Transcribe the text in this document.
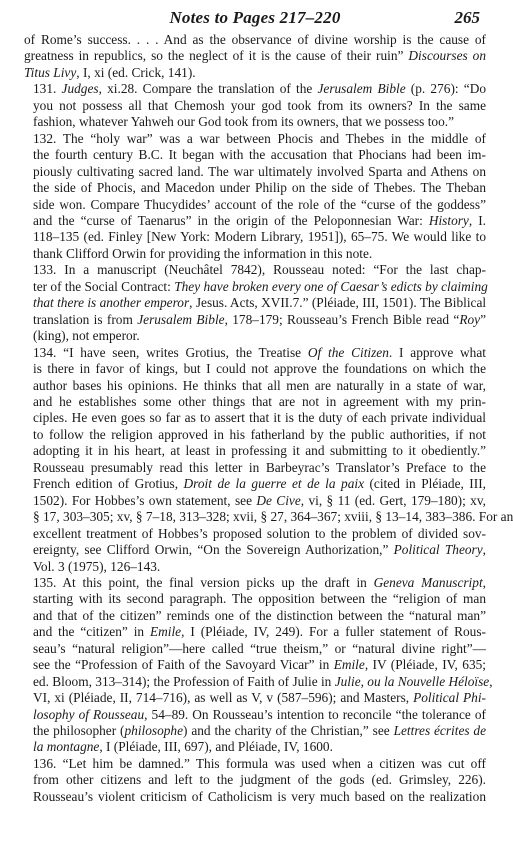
Notes to Pages 217–220	265

of Rome’s success. . . . And as the observance of divine worship is the cause of
greatness in republics, so the neglect of it is the cause of their ruin” Discourses on
Titus Livy, I, xi (ed. Crick, 141).

131. Judges, xi.28. Compare the translation of the Jerusalem Bible (p. 276): “Do
you not possess all that Chemosh your god took from its owners? In the same
fashion, whatever Yahweh our God took from its owners, that we possess too.”

132. The “holy war” was a war between Phocis and Thebes in the middle of
the fourth century B.C. It began with the accusation that Phocians had been im-
piously cultivating sacred land. The war ultimately involved Sparta and Athens on
the side of Phocis, and Macedon under Philip on the side of Thebes. The Theban
side won. Compare Thucydides’ account of the role of the “curse of the goddess”
and the “curse of Taenarus” in the origin of the Peloponnesian War: History, I.
118–135 (ed. Finley [New York: Modern Library, 1951]), 65–75. We would like to
thank Clifford Orwin for providing the information in this note.

133. In a manuscript (Neuchâtel 7842), Rousseau noted: “For the last chap-
ter of the Social Contract: They have broken every one of Caesar’s edicts by claiming
that there is another emperor, Jesus. Acts, XVII.7.” (Pléiade, III, 1501). The Biblical
translation is from Jerusalem Bible, 178–179; Rousseau’s French Bible read “Roy”
(king), not emperor.

134. “I have seen, writes Grotius, the Treatise Of the Citizen. I approve what
is there in favor of kings, but I could not approve the foundations on which the
author bases his opinions. He thinks that all men are naturally in a state of war,
and he establishes some other things that are not in agreement with my prin-
ciples. He even goes so far as to assert that it is the duty of each private individual
to follow the religion approved in his fatherland by the public authorities, if not
adopting it in his heart, at least in professing it and submitting to it obediently.”
Rousseau presumably read this letter in Barbeyrac’s Translator’s Preface to the
French edition of Grotius, Droit de la guerre et de la paix (cited in Pléiade, III,
1502). For Hobbes’s own statement, see De Cive, vi, § 11 (ed. Gert, 179–180); xv,
§ 17, 303–305; xv, § 7–18, 313–328; xvii, § 27, 364–367; xviii, § 13–14, 383–386. For an
excellent treatment of Hobbes’s proposed solution to the problem of divided sov-
ereignty, see Clifford Orwin, “On the Sovereign Authorization,” Political Theory,
Vol. 3 (1975), 126–143.

135. At this point, the final version picks up the draft in Geneva Manuscript,
starting with its second paragraph. The opposition between the “religion of man
and that of the citizen” reminds one of the distinction between the “natural man”
and the “citizen” in Emile, I (Pléiade, IV, 249). For a fuller statement of Rous-
seau’s “natural religion”—here called “true theism,” or “natural divine right”—
see the “Profession of Faith of the Savoyard Vicar” in Emile, IV (Pléiade, IV, 635;
ed. Bloom, 313–314); the Profession of Faith of Julie in Julie, ou la Nouvelle Héloïse,
VI, xi (Pléiade, II, 714–716), as well as V, v (587–596); and Masters, Political Phi-
losophy of Rousseau, 54–89. On Rousseau’s intention to reconcile “the tolerance of
the philosopher (philosophe) and the charity of the Christian,” see Lettres écrites de
la montagne, I (Pléiade, III, 697), and Pléiade, IV, 1600.

136. “Let him be damned.” This formula was used when a citizen was cut off
from other citizens and left to the judgment of the gods (ed. Grimsley, 226).
Rousseau’s violent criticism of Catholicism is very much based on the realization
